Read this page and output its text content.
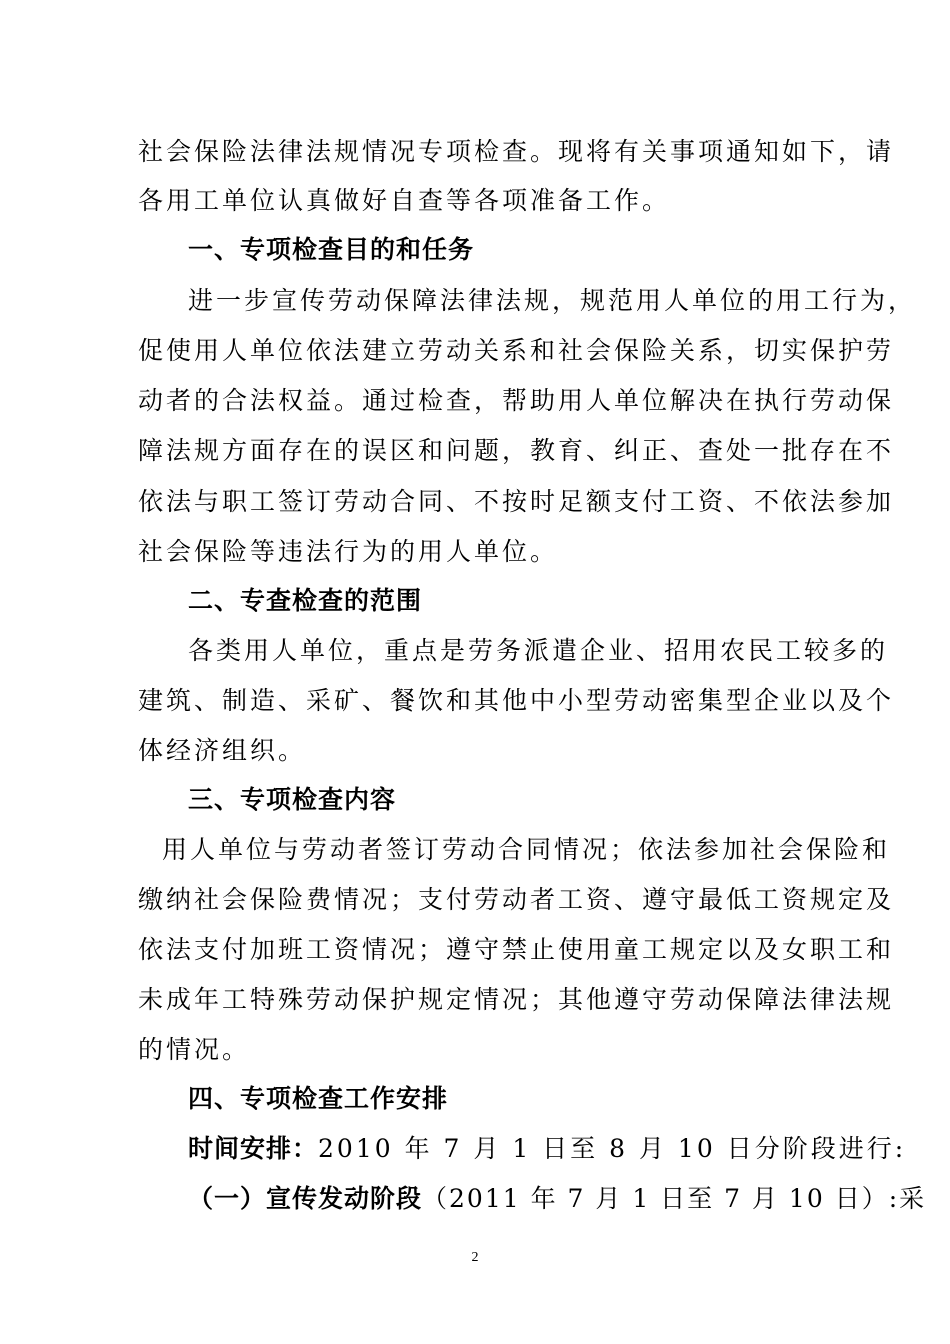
社会保险法律法规情况专项检查。现将有关事项通知如下，请
各用工单位认真做好自查等各项准备工作。
一、专项检查目的和任务
进一步宣传劳动保障法律法规，规范用人单位的用工行为，
促使用人单位依法建立劳动关系和社会保险关系，切实保护劳
动者的合法权益。通过检查，帮助用人单位解决在执行劳动保
障法规方面存在的误区和问题，教育、纠正、查处一批存在不
依法与职工签订劳动合同、不按时足额支付工资、不依法参加
社会保险等违法行为的用人单位。
二、专查检查的范围
各类用人单位，重点是劳务派遣企业、招用农民工较多的
建筑、制造、采矿、餐饮和其他中小型劳动密集型企业以及个
体经济组织。
三、专项检查内容
用人单位与劳动者签订劳动合同情况；依法参加社会保险和
缴纳社会保险费情况；支付劳动者工资、遵守最低工资规定及
依法支付加班工资情况；遵守禁止使用童工规定以及女职工和
未成年工特殊劳动保护规定情况；其他遵守劳动保障法律法规
的情况。
四、专项检查工作安排
时间安排：2010 年 7 月 1 日至 8 月 10 日分阶段进行:
（一）宣传发动阶段（2011 年 7 月 1 日至 7 月 10 日）:采
2
